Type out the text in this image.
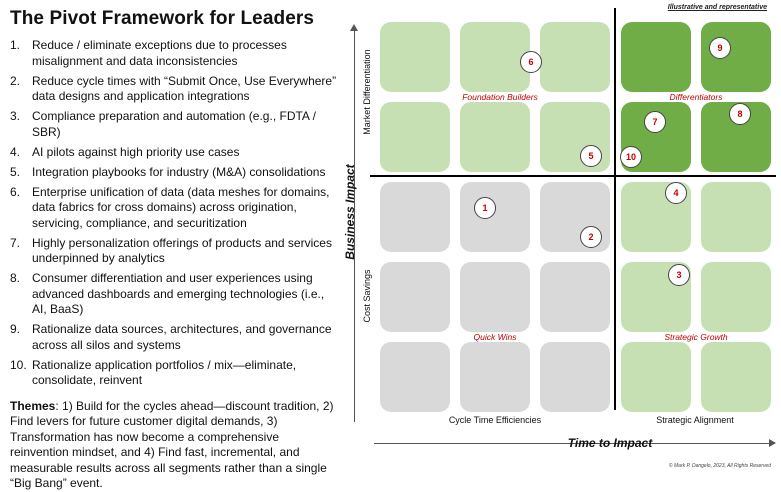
The Pivot Framework for Leaders
1. Reduce / eliminate exceptions due to processes misalignment and data inconsistencies
2. Reduce cycle times with “Submit Once, Use Everywhere” data designs and application integrations
3. Compliance preparation and automation (e.g., FDTA / SBR)
4. AI pilots against high priority use cases
5. Integration playbooks for industry (M&A) consolidations
6. Enterprise unification of data (data meshes for domains, data fabrics for cross domains) across origination, servicing, compliance, and securitization
7. Highly personalization offerings of products and services underpinned by analytics
8. Consumer differentiation and user experiences using advanced dashboards and emerging technologies (i.e., AI, BaaS)
9. Rationalize data sources, architectures, and governance across all silos and systems
10. Rationalize application portfolios / mix—eliminate, consolidate, reinvent
Themes: 1) Build for the cycles ahead—discount tradition, 2) Find levers for future customer digital demands, 3) Transformation has now become a comprehensive reinvention mindset, and 4) Find fast, incremental, and measurable results across all segments rather than a single “Big Bang” event.
Illustrative and representative
Foundation Builders	Differentiators
Quick Wins	Strategic Growth
6
9
7
8
5	10
1
2
4
3
Business Impact
Market Differentiation
Cost Savings
Cycle Time Efficiencies	Strategic Alignment
Time to Impact
© Mark P. Dangelo, 2023, All Rights Reserved
